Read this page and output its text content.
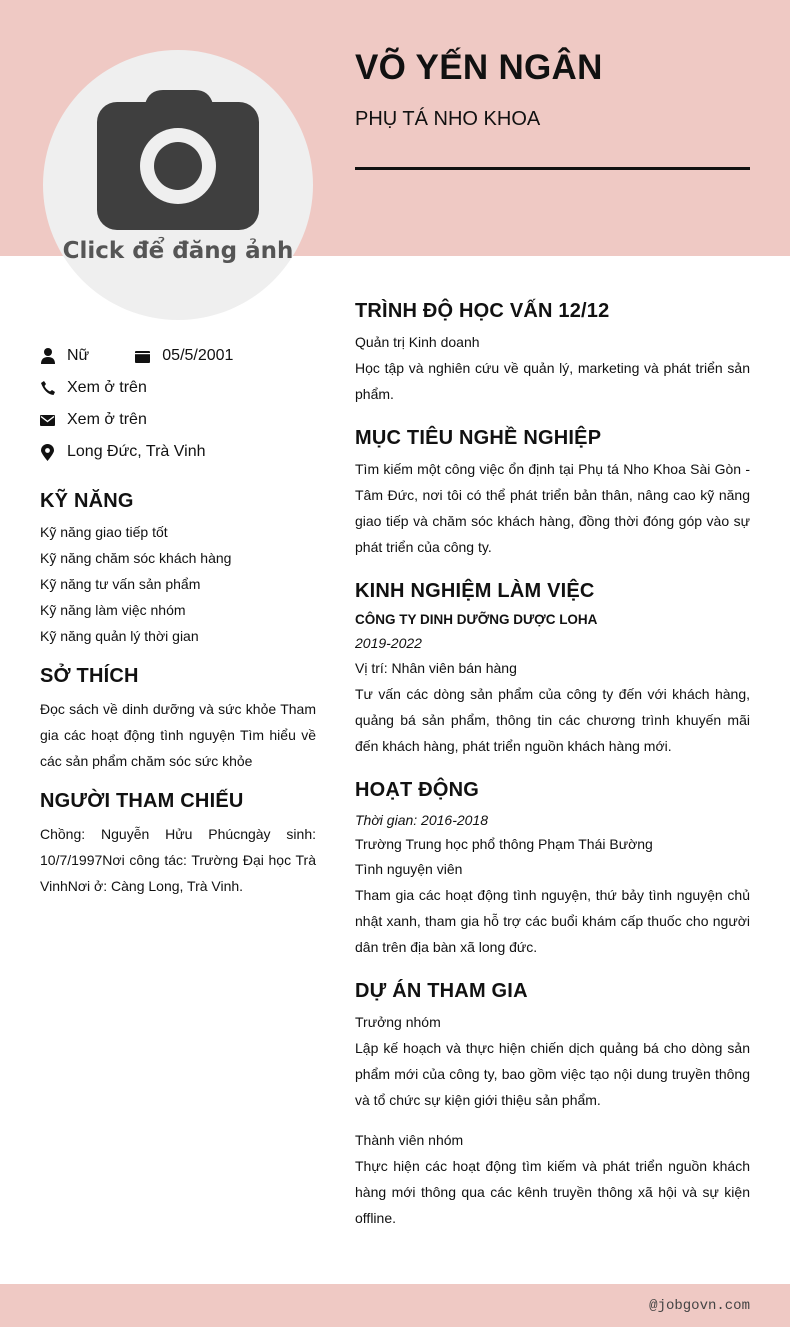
Click để đăng ảnh
VÕ YẾN NGÂN
PHỤ TÁ NHO KHOA
Nữ	05/5/2001
Xem ở trên
Xem ở trên
Long Đức, Trà Vinh
KỸ NĂNG
Kỹ năng giao tiếp tốt
Kỹ năng chăm sóc khách hàng
Kỹ năng tư vấn sản phẩm
Kỹ năng làm việc nhóm
Kỹ năng quản lý thời gian
SỞ THÍCH
Đọc sách về dinh dưỡng và sức khỏe Tham gia các hoạt động tình nguyện Tìm hiểu về các sản phẩm chăm sóc sức khỏe
NGƯỜI THAM CHIẾU
Chồng: Nguyễn Hửu Phúcngày sinh: 10/7/1997Nơi công tác: Trường Đại học Trà VinhNơi ở: Càng Long, Trà Vinh.
TRÌNH ĐỘ HỌC VẤN 12/12
Quản trị Kinh doanh
Học tập và nghiên cứu về quản lý, marketing và phát triển sản phẩm.
MỤC TIÊU NGHỀ NGHIỆP
Tìm kiếm một công việc ổn định tại Phụ tá Nho Khoa Sài Gòn - Tâm Đức, nơi tôi có thể phát triển bản thân, nâng cao kỹ năng giao tiếp và chăm sóc khách hàng, đồng thời đóng góp vào sự phát triển của công ty.
KINH NGHIỆM LÀM VIỆC
CÔNG TY DINH DƯỠNG DƯỢC LOHA
2019-2022
Vị trí: Nhân viên bán hàng
Tư vấn các dòng sản phẩm của công ty đến với khách hàng, quảng bá sản phẩm, thông tin các chương trình khuyến mãi đến khách hàng, phát triển nguồn khách hàng mới.
HOẠT ĐỘNG
Thời gian: 2016-2018
Trường Trung học phổ thông Phạm Thái Bường
Tình nguyện viên
Tham gia các hoạt động tình nguyện, thứ bảy tình nguyện chủ nhật xanh, tham gia hỗ trợ các buổi khám cấp thuốc cho người dân trên địa bàn xã long đức.
DỰ ÁN THAM GIA
Trưởng nhóm
Lập kế hoạch và thực hiện chiến dịch quảng bá cho dòng sản phẩm mới của công ty, bao gồm việc tạo nội dung truyền thông và tổ chức sự kiện giới thiệu sản phẩm.
Thành viên nhóm
Thực hiện các hoạt động tìm kiếm và phát triển nguồn khách hàng mới thông qua các kênh truyền thông xã hội và sự kiện offline.
@jobgovn.com
